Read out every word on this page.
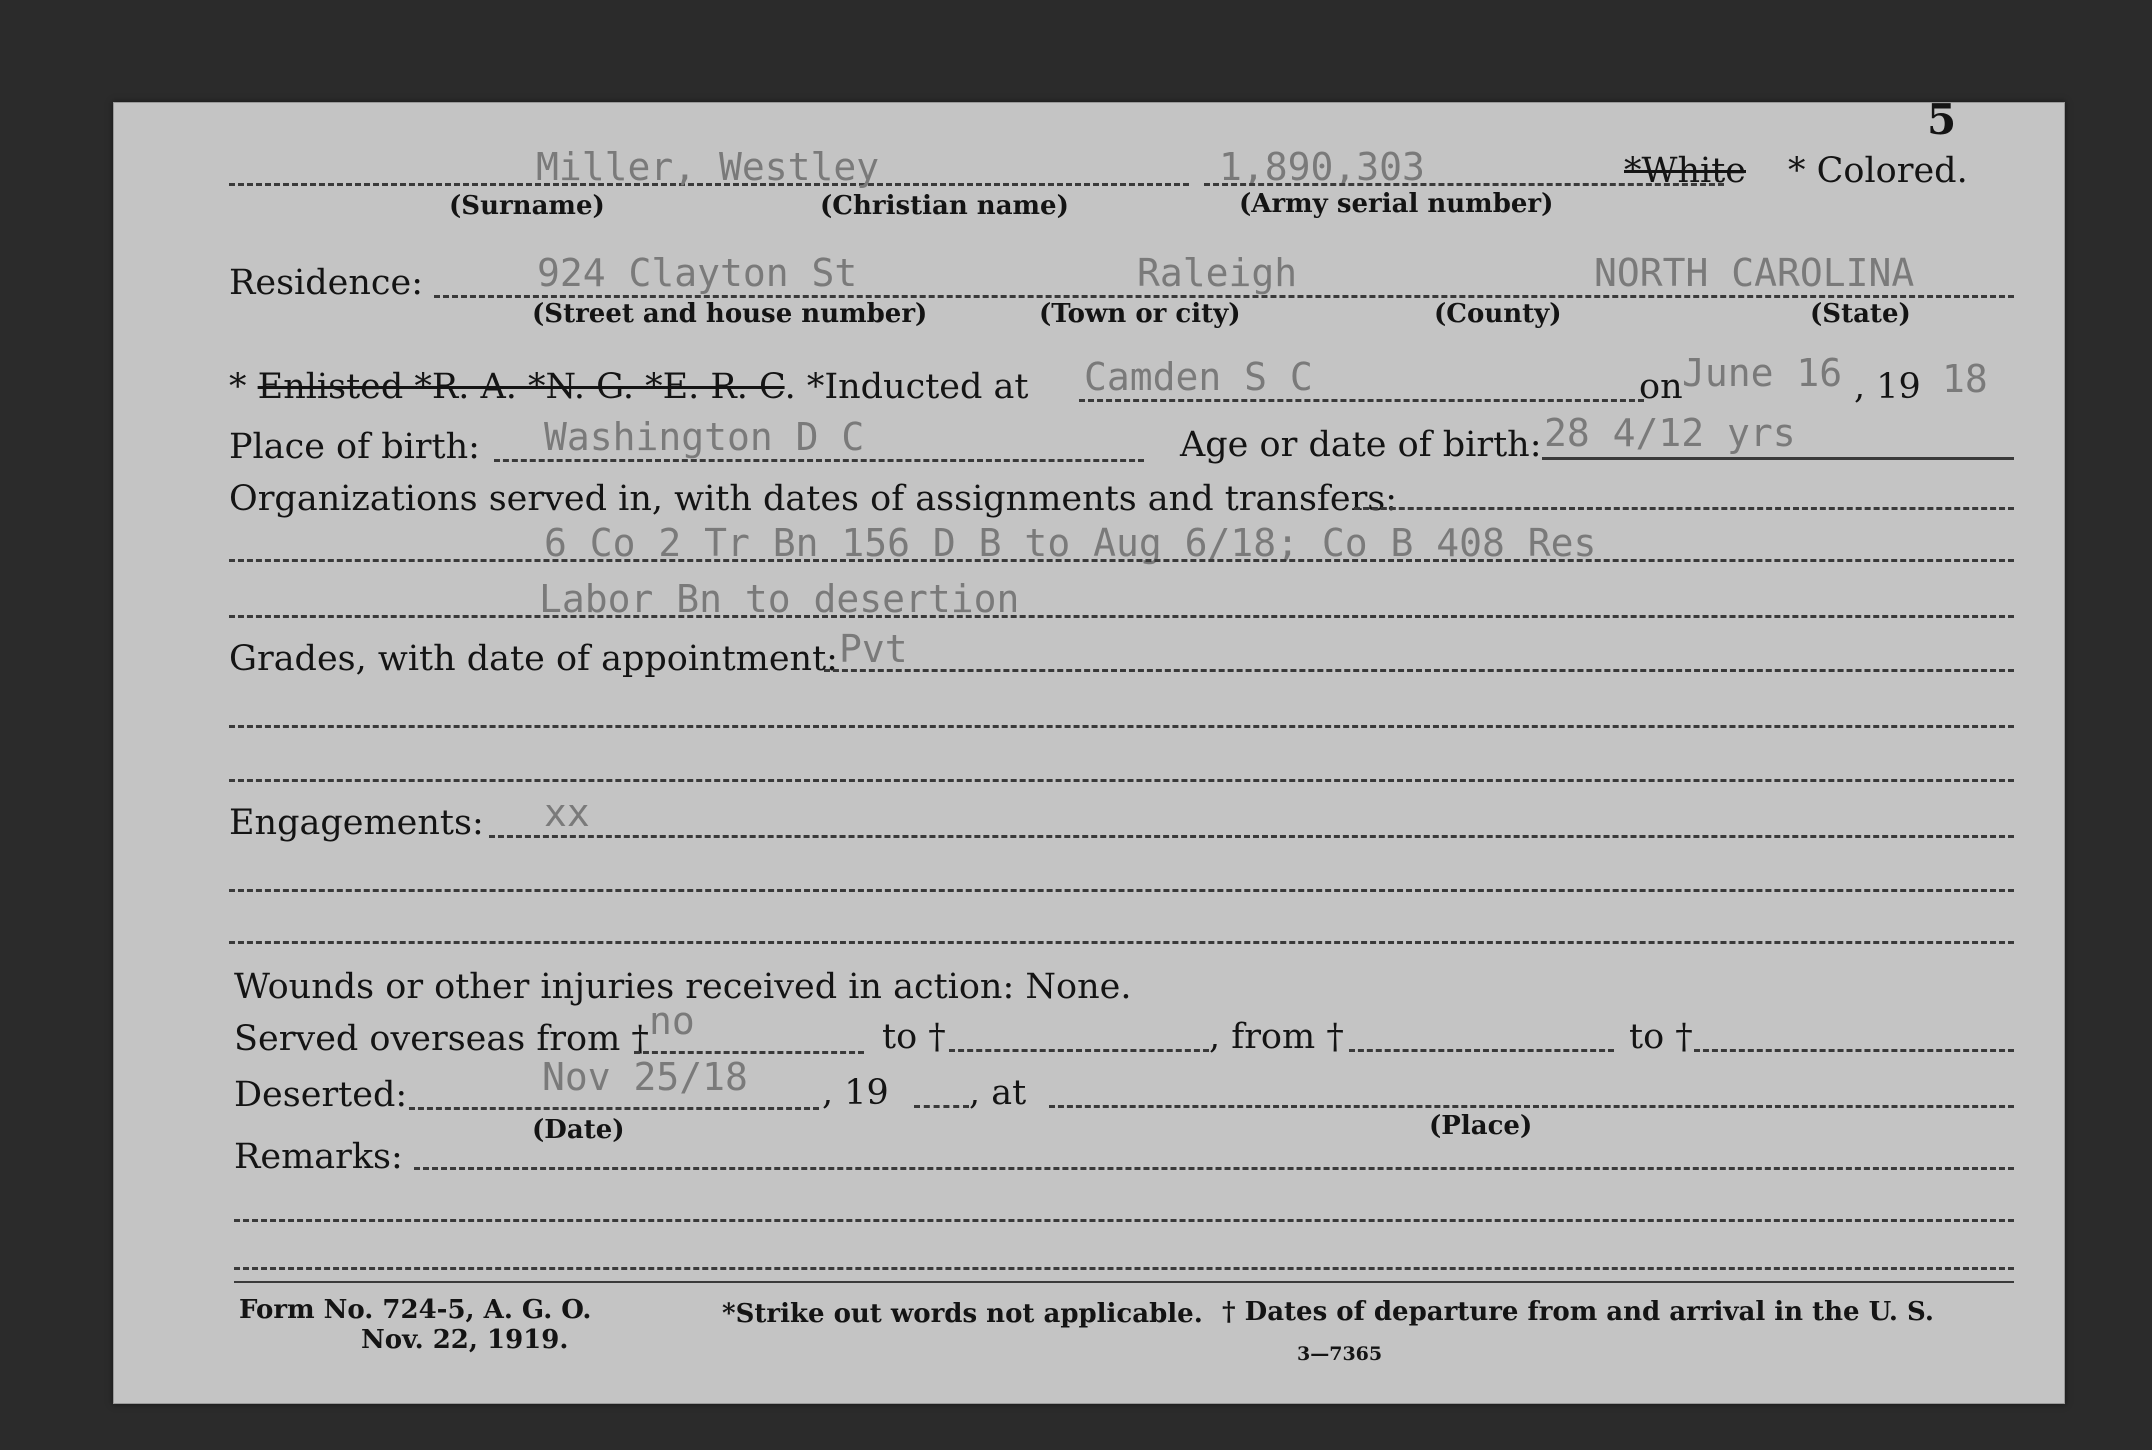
5
Miller, Westley	1,890,303	*White * Colored.
(Surname)	(Christian name)	(Army serial number)
Residence:	924 Clayton St	Raleigh	NORTH CAROLINA
(Street and house number)	(Town or city)	(County)	(State)
* Enlisted *R. A. *N. G. *E. R. C. *Inducted at Camden S C	on June 16 , 19 18
Place of birth: Washington D C	Age or date of birth: 28 4/12 yrs
Organizations served in, with dates of assignments and transfers:
6 Co 2 Tr Bn 156 D B to Aug 6/18; Co B 408 Res
Labor Bn to desertion
Grades, with date of appointment: Pvt
Engagements: xx
Wounds or other injuries received in action: None.
Served overseas from † no	to †	, from †	to †
Deserted:	Nov 25/18 , 19 , at
(Date)	(Place)
Remarks:
Form No. 724-5, A. G. O.
Nov. 22, 1919.
*Strike out words not applicable. † Dates of departure from and arrival in the U. S.
3—7365
